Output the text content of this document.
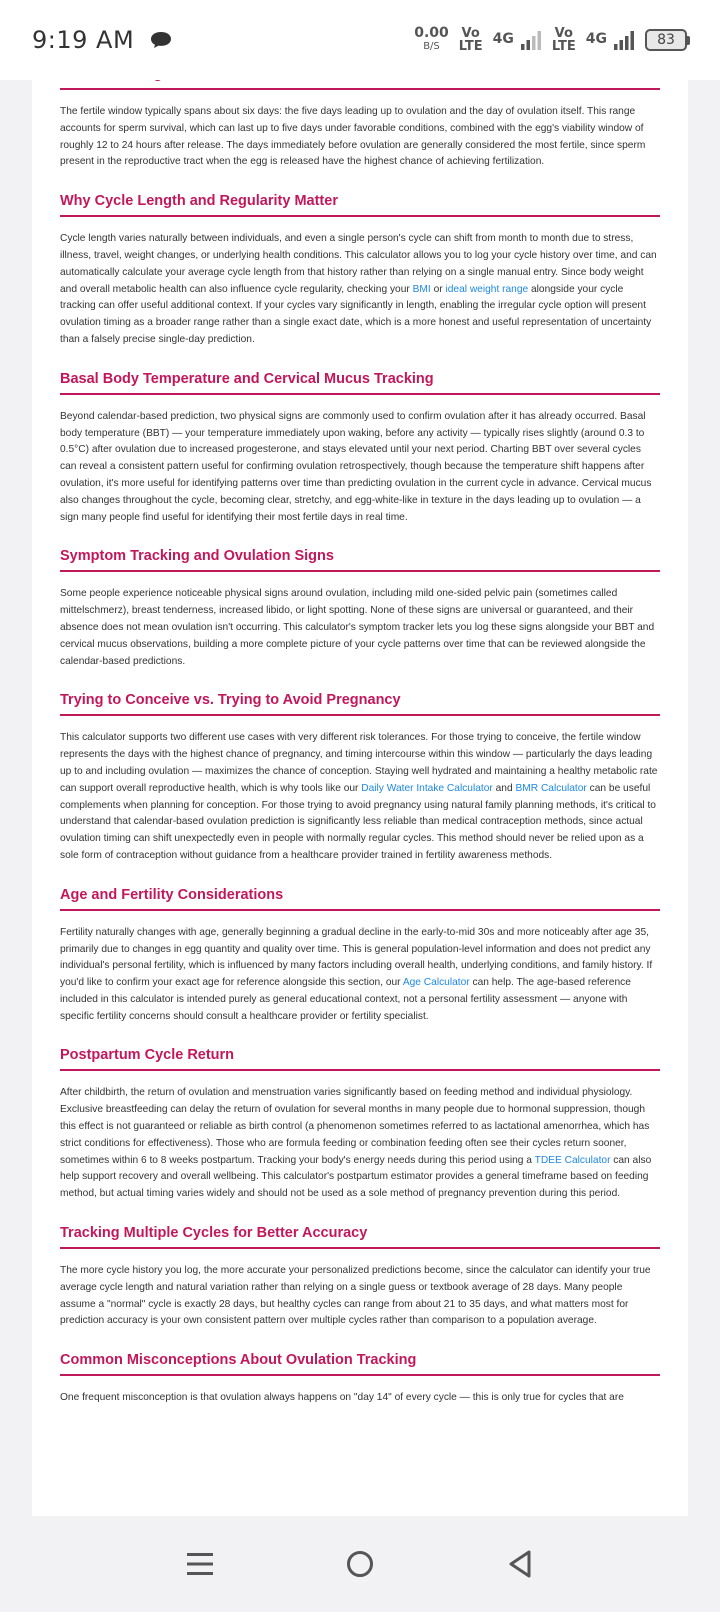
9:19 AM	0.00
B/S
Vo
LTE 4G	Vo
LTE 4G	83

The fertile window typically spans about six days: the five days leading up to ovulation and the day of ovulation itself. This range accounts for sperm survival, which can last up to five days under favorable conditions, combined with the egg's viability window of roughly 12 to 24 hours after release. The days immediately before ovulation are generally considered the most fertile, since sperm present in the reproductive tract when the egg is released have the highest chance of achieving fertilization.

Why Cycle Length and Regularity Matter

Cycle length varies naturally between individuals, and even a single person's cycle can shift from month to month due to stress, illness, travel, weight changes, or underlying health conditions. This calculator allows you to log your cycle history over time, and can automatically calculate your average cycle length from that history rather than relying on a single manual entry. Since body weight and overall metabolic health can also influence cycle regularity, checking your BMI or ideal weight range alongside your cycle tracking can offer useful additional context. If your cycles vary significantly in length, enabling the irregular cycle option will present ovulation timing as a broader range rather than a single exact date, which is a more honest and useful representation of uncertainty than a falsely precise single-day prediction.

Basal Body Temperature and Cervical Mucus Tracking

Beyond calendar-based prediction, two physical signs are commonly used to confirm ovulation after it has already occurred. Basal body temperature (BBT) — your temperature immediately upon waking, before any activity — typically rises slightly (around 0.3 to 0.5°C) after ovulation due to increased progesterone, and stays elevated until your next period. Charting BBT over several cycles can reveal a consistent pattern useful for confirming ovulation retrospectively, though because the temperature shift happens after ovulation, it's more useful for identifying patterns over time than predicting ovulation in the current cycle in advance. Cervical mucus also changes throughout the cycle, becoming clear, stretchy, and egg-white-like in texture in the days leading up to ovulation — a sign many people find useful for identifying their most fertile days in real time.

Symptom Tracking and Ovulation Signs

Some people experience noticeable physical signs around ovulation, including mild one-sided pelvic pain (sometimes called mittelschmerz), breast tenderness, increased libido, or light spotting. None of these signs are universal or guaranteed, and their absence does not mean ovulation isn't occurring. This calculator's symptom tracker lets you log these signs alongside your BBT and cervical mucus observations, building a more complete picture of your cycle patterns over time that can be reviewed alongside the calendar-based predictions.

Trying to Conceive vs. Trying to Avoid Pregnancy

This calculator supports two different use cases with very different risk tolerances. For those trying to conceive, the fertile window represents the days with the highest chance of pregnancy, and timing intercourse within this window — particularly the days leading up to and including ovulation — maximizes the chance of conception. Staying well hydrated and maintaining a healthy metabolic rate can support overall reproductive health, which is why tools like our Daily Water Intake Calculator and BMR Calculator can be useful complements when planning for conception. For those trying to avoid pregnancy using natural family planning methods, it's critical to understand that calendar-based ovulation prediction is significantly less reliable than medical contraception methods, since actual ovulation timing can shift unexpectedly even in people with normally regular cycles. This method should never be relied upon as a sole form of contraception without guidance from a healthcare provider trained in fertility awareness methods.

Age and Fertility Considerations

Fertility naturally changes with age, generally beginning a gradual decline in the early-to-mid 30s and more noticeably after age 35, primarily due to changes in egg quantity and quality over time. This is general population-level information and does not predict any individual's personal fertility, which is influenced by many factors including overall health, underlying conditions, and family history. If you'd like to confirm your exact age for reference alongside this section, our Age Calculator can help. The age-based reference included in this calculator is intended purely as general educational context, not a personal fertility assessment — anyone with specific fertility concerns should consult a healthcare provider or fertility specialist.

Postpartum Cycle Return

After childbirth, the return of ovulation and menstruation varies significantly based on feeding method and individual physiology. Exclusive breastfeeding can delay the return of ovulation for several months in many people due to hormonal suppression, though this effect is not guaranteed or reliable as birth control (a phenomenon sometimes referred to as lactational amenorrhea, which has strict conditions for effectiveness). Those who are formula feeding or combination feeding often see their cycles return sooner, sometimes within 6 to 8 weeks postpartum. Tracking your body's energy needs during this period using a TDEE Calculator can also help support recovery and overall wellbeing. This calculator's postpartum estimator provides a general timeframe based on feeding method, but actual timing varies widely and should not be used as a sole method of pregnancy prevention during this period.

Tracking Multiple Cycles for Better Accuracy

The more cycle history you log, the more accurate your personalized predictions become, since the calculator can identify your true average cycle length and natural variation rather than relying on a single guess or textbook average of 28 days. Many people assume a "normal" cycle is exactly 28 days, but healthy cycles can range from about 21 to 35 days, and what matters most for prediction accuracy is your own consistent pattern over multiple cycles rather than comparison to a population average.

Common Misconceptions About Ovulation Tracking

One frequent misconception is that ovulation always happens on "day 14" of every cycle — this is only true for cycles that are
